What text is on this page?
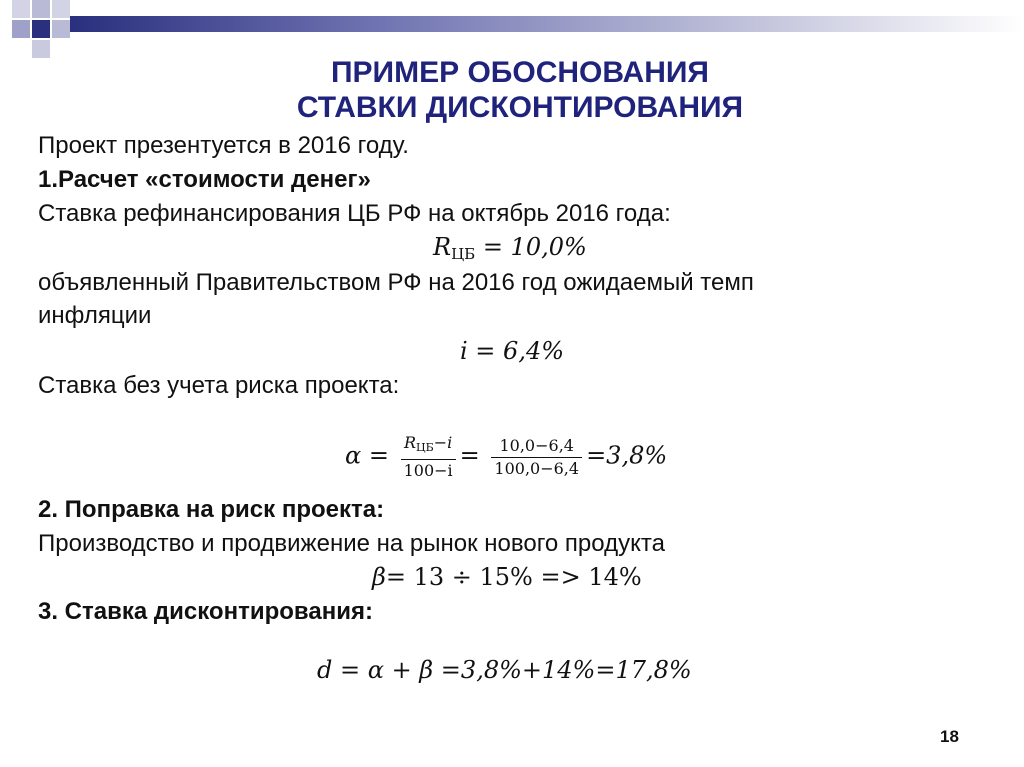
ПРИМЕР ОБОСНОВАНИЯ
СТАВКИ ДИСКОНТИРОВАНИЯ
Проект презентуется в 2016 году.
1.Расчет «стоимости денег»
Ставка рефинансирования ЦБ РФ на октябрь 2016 года:
$R_{ЦБ} = 10,0\%$
объявленный Правительством РФ на 2016 год ожидаемый темп
инфляции
i = 6,4%
Ставка без учета риска проекта:
$\alpha = \frac{\text{RЦБ−i}}{100-i} = \frac{10,0-6,4}{100,0-6,4} =3,8\%$
2. Поправка на риск проекта:
Производство и продвижение на рынок нового продукта
β= 13 ÷ 15% => 14%
3. Ставка дисконтирования:
d = α + β =3,8%+14%=17,8%
18
